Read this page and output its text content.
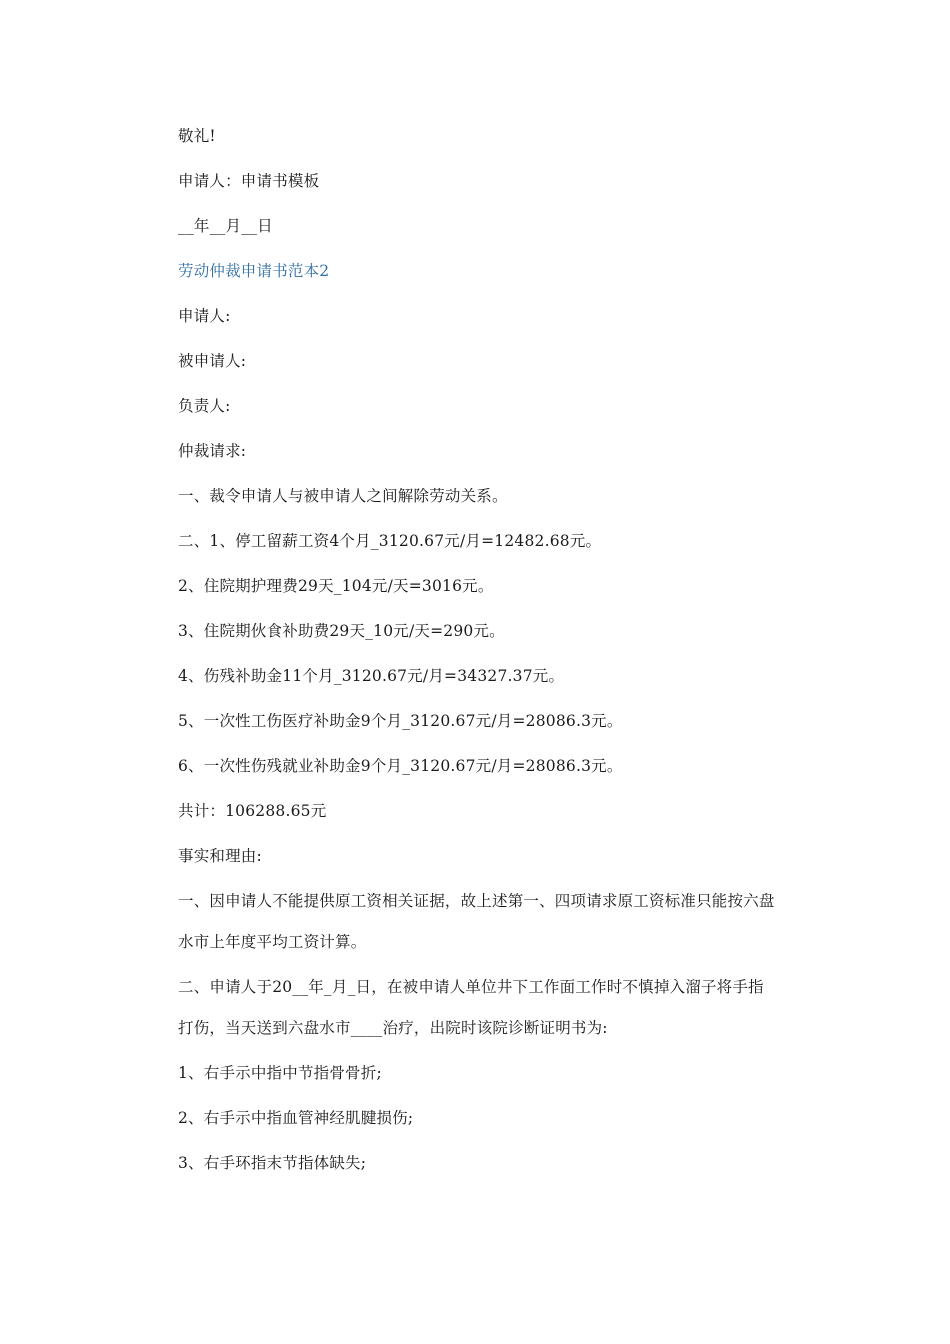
敬礼!
申请人：申请书模板
__年__月__日
劳动仲裁申请书范本2
申请人:
被申请人:
负责人:
仲裁请求:
一、裁令申请人与被申请人之间解除劳动关系。
二、1、停工留薪工资4个月_3120.67元/月=12482.68元。
2、住院期护理费29天_104元/天=3016元。
3、住院期伙食补助费29天_10元/天=290元。
4、伤残补助金11个月_3120.67元/月=34327.37元。
5、一次性工伤医疗补助金9个月_3120.67元/月=28086.3元。
6、一次性伤残就业补助金9个月_3120.67元/月=28086.3元。
共计：106288.65元
事实和理由:
一、因申请人不能提供原工资相关证据，故上述第一、四项请求原工资标准只能按六盘
水市上年度平均工资计算。
二、申请人于20__年_月_日，在被申请人单位井下工作面工作时不慎掉入溜子将手指
打伤，当天送到六盘水市____治疗，出院时该院诊断证明书为:
1、右手示中指中节指骨骨折;
2、右手示中指血管神经肌腱损伤;
3、右手环指末节指体缺失;
